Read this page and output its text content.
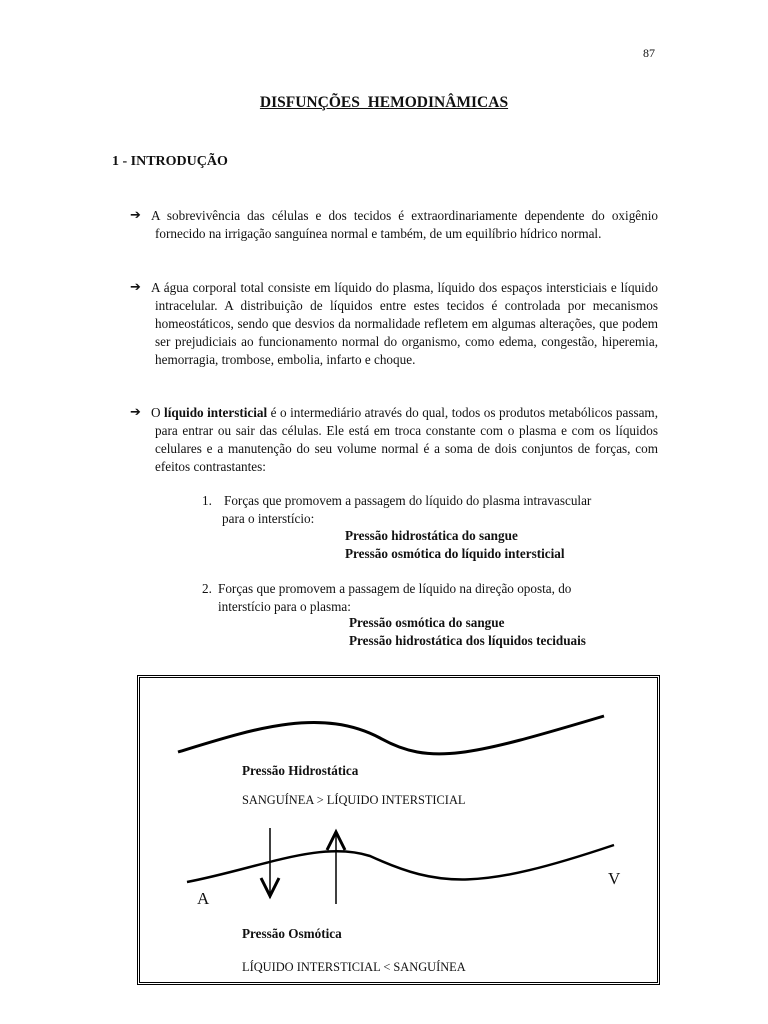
87
DISFUNÇÕES HEMODINÂMICAS
1 - INTRODUÇÃO
➔ A sobrevivência das células e dos tecidos é extraordinariamente dependente do oxigênio fornecido na irrigação sanguínea normal e também, de um equilíbrio hídrico normal.
➔ A água corporal total consiste em líquido do plasma, líquido dos espaços intersticiais e líquido intracelular. A distribuição de líquidos entre estes tecidos é controlada por mecanismos homeostáticos, sendo que desvios da normalidade refletem em algumas alterações, que podem ser prejudiciais ao funcionamento normal do organismo, como edema, congestão, hiperemia, hemorragia, trombose, embolia, infarto e choque.
➔ O líquido intersticial é o intermediário através do qual, todos os produtos metabólicos passam, para entrar ou sair das células. Ele está em troca constante com o plasma e com os líquidos celulares e a manutenção do seu volume normal é a soma de dois conjuntos de forças, com efeitos contrastantes:
1. Forças que promovem a passagem do líquido do plasma intravascular
para o interstício:
Pressão hidrostática do sangue
Pressão osmótica do líquido intersticial
2. Forças que promovem a passagem de líquido na direção oposta, do
interstício para o plasma:
Pressão osmótica do sangue
Pressão hidrostática dos líquidos teciduais
Pressão Hidrostática
SANGUÍNEA > LÍQUIDO INTERSTICIAL
A
V
Pressão Osmótica
LÍQUIDO INTERSTICIAL < SANGUÍNEA
